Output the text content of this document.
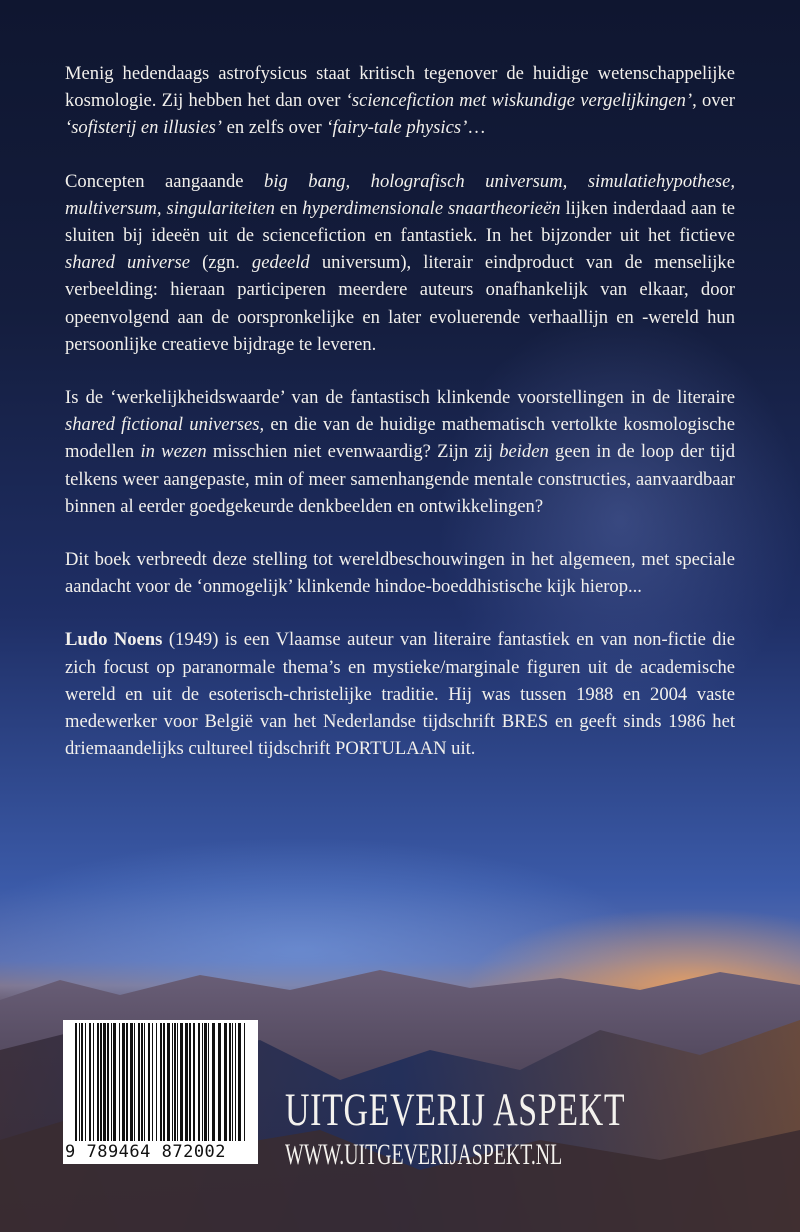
Menig hedendaags astrofysicus staat kritisch tegenover de huidige wetenschappelijke kosmologie. Zij hebben het dan over ‘sciencefiction met wiskundige vergelijkingen’, over ‘sofisterij en illusies’ en zelfs over ‘fairy-tale physics’…

Concepten aangaande big bang, holografisch universum, simulatiehypothese, multiversum, singulariteiten en hyperdimensionale snaartheorieën lijken inderdaad aan te sluiten bij ideeën uit de sciencefiction en fantastiek. In het bijzonder uit het fictieve shared universe (zgn. gedeeld universum), literair eindproduct van de menselijke verbeelding: hieraan participeren meerdere auteurs onafhankelijk van elkaar, door opeenvolgend aan de oorspronkelijke en later evoluerende verhaallijn en -wereld hun persoonlijke creatieve bijdrage te leveren.

Is de ‘werkelijkheidswaarde’ van de fantastisch klinkende voorstellingen in de literaire shared fictional universes, en die van de huidige mathematisch vertolkte kosmologische modellen in wezen misschien niet evenwaardig? Zijn zij beiden geen in de loop der tijd telkens weer aangepaste, min of meer samenhangende mentale constructies, aanvaardbaar binnen al eerder goedgekeurde denkbeelden en ontwikkelingen?

Dit boek verbreedt deze stelling tot wereldbeschouwingen in het algemeen, met speciale aandacht voor de ‘onmogelijk’ klinkende hindoe-boeddhistische kijk hierop...

Ludo Noens (1949) is een Vlaamse auteur van literaire fantastiek en van non-fictie die zich focust op paranormale thema’s en mystieke/marginale figuren uit de academische wereld en uit de esoterisch-christelijke traditie. Hij was tussen 1988 en 2004 vaste medewerker voor België van het Nederlandse tijdschrift BRES en geeft sinds 1986 het driemaandelijks cultureel tijdschrift PORTULAAN uit.

9 789464 872002
UITGEVERIJ ASPEKT
WWW.UITGEVERIJASPEKT.NL
